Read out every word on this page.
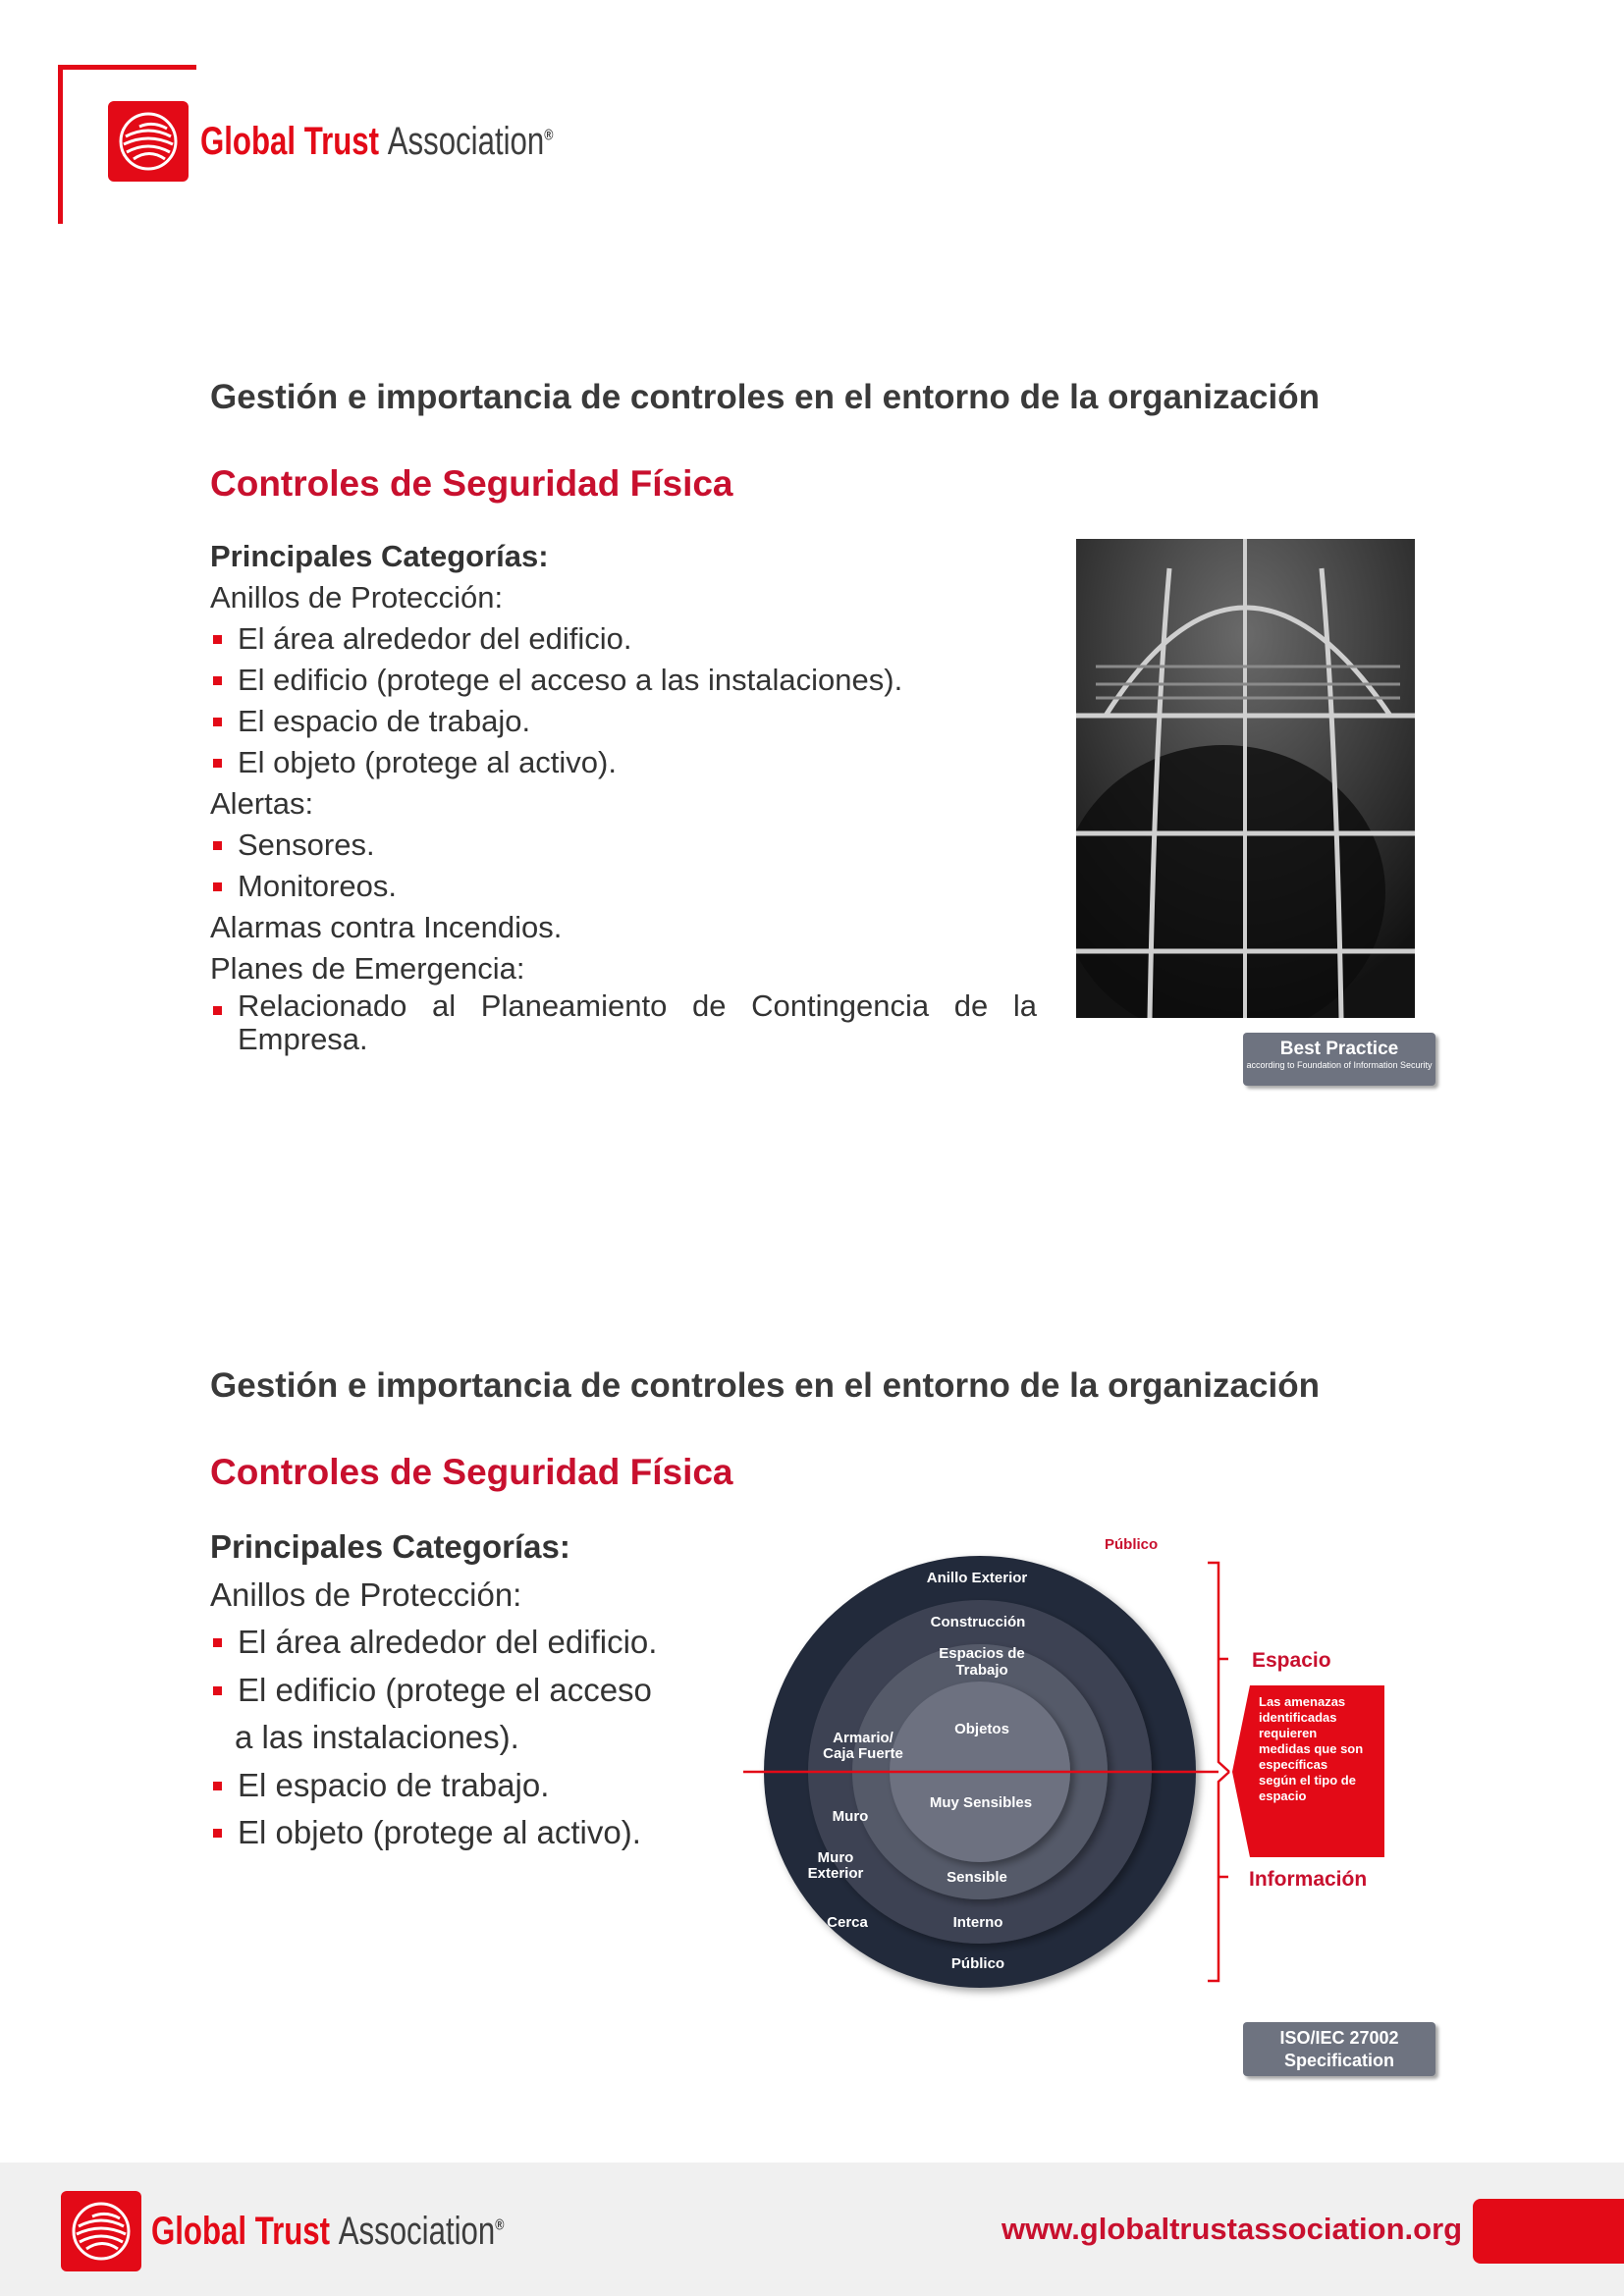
Global Trust Association®
Gestión e importancia de controles en el entorno de la organización
Controles de Seguridad Física
Principales Categorías:
Anillos de Protección:
El área alrededor del edificio.
El edificio (protege el acceso a las instalaciones).
El espacio de trabajo.
El objeto (protege al activo).
Alertas:
Sensores.
Monitoreos.
Alarmas contra Incendios.
Planes de Emergencia:
Relacionado al Planeamiento de Contingencia de la Empresa.	Best Practice
according to Foundation of Information Security
Gestión e importancia de controles en el entorno de la organización
Controles de Seguridad Física
Principales Categorías:
Anillos de Protección:
El área alrededor del edificio.
El edificio (protege el acceso
a las instalaciones).
El espacio de trabajo.
El objeto (protege al activo).
Anillo Exterior
Construcción
Espacios de
Trabajo
Objetos
Armario/
Caja Fuerte
Muro
Muro
Exterior
Cerca
Muy Sensibles
Sensible
Interno
Público
Público
Espacio
Información
Las amenazas
identificadas
requieren
medidas que son
específicas
según el tipo de
espacio
ISO/IEC 27002
Specification
Global Trust Association®	www.globaltrustassociation.org
